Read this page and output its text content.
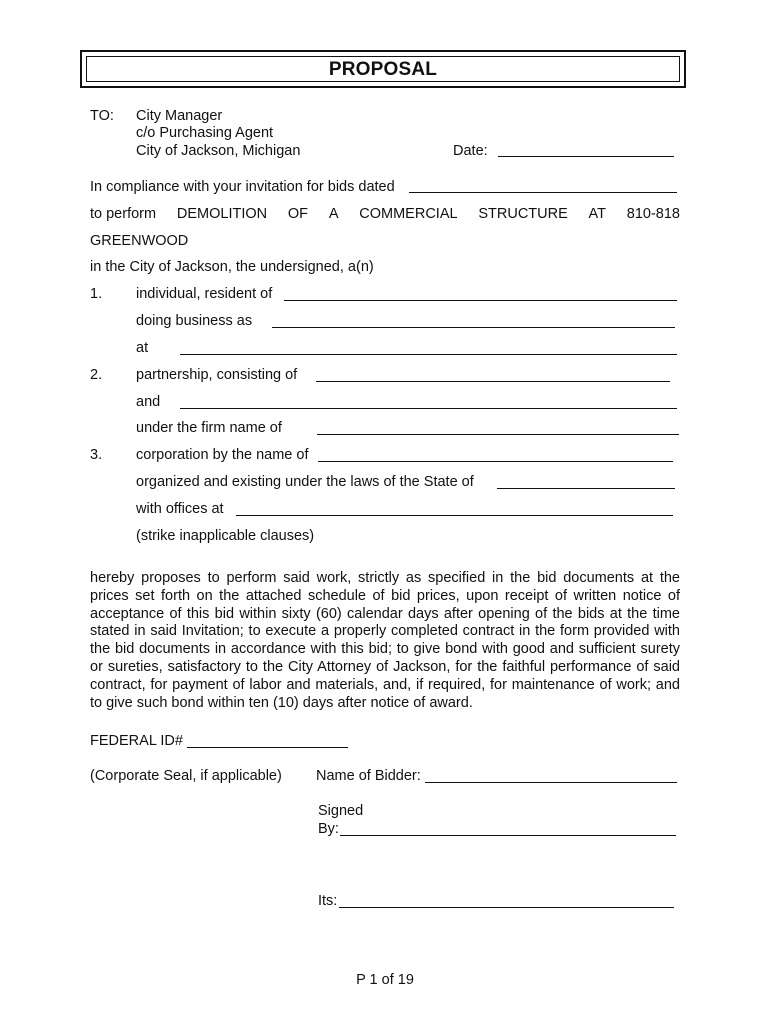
PROPOSAL
TO: City Manager
c/o Purchasing Agent
City of Jackson, Michigan	Date:
In compliance with your invitation for bids dated
to perform DEMOLITION OF A COMMERCIAL STRUCTURE AT 810-818
GREENWOOD
in the City of Jackson, the undersigned, a(n)
1. individual, resident of
doing business as
at
2. partnership, consisting of
and
under the firm name of
3. corporation by the name of
organized and existing under the laws of the State of
with offices at
(strike inapplicable clauses)
hereby proposes to perform said work, strictly as specified in the bid documents at the prices set forth on the attached schedule of bid prices, upon receipt of written notice of acceptance of this bid within sixty (60) calendar days after opening of the bids at the time stated in said Invitation; to execute a properly completed contract in the form provided with the bid documents in accordance with this bid; to give bond with good and sufficient surety or sureties, satisfactory to the City Attorney of Jackson, for the faithful performance of said contract, for payment of labor and materials, and, if required, for maintenance of work; and to give such bond within ten (10) days after notice of award.
FEDERAL ID#
(Corporate Seal, if applicable) Name of Bidder:
Signed
By:
Its:
P 1 of 19
